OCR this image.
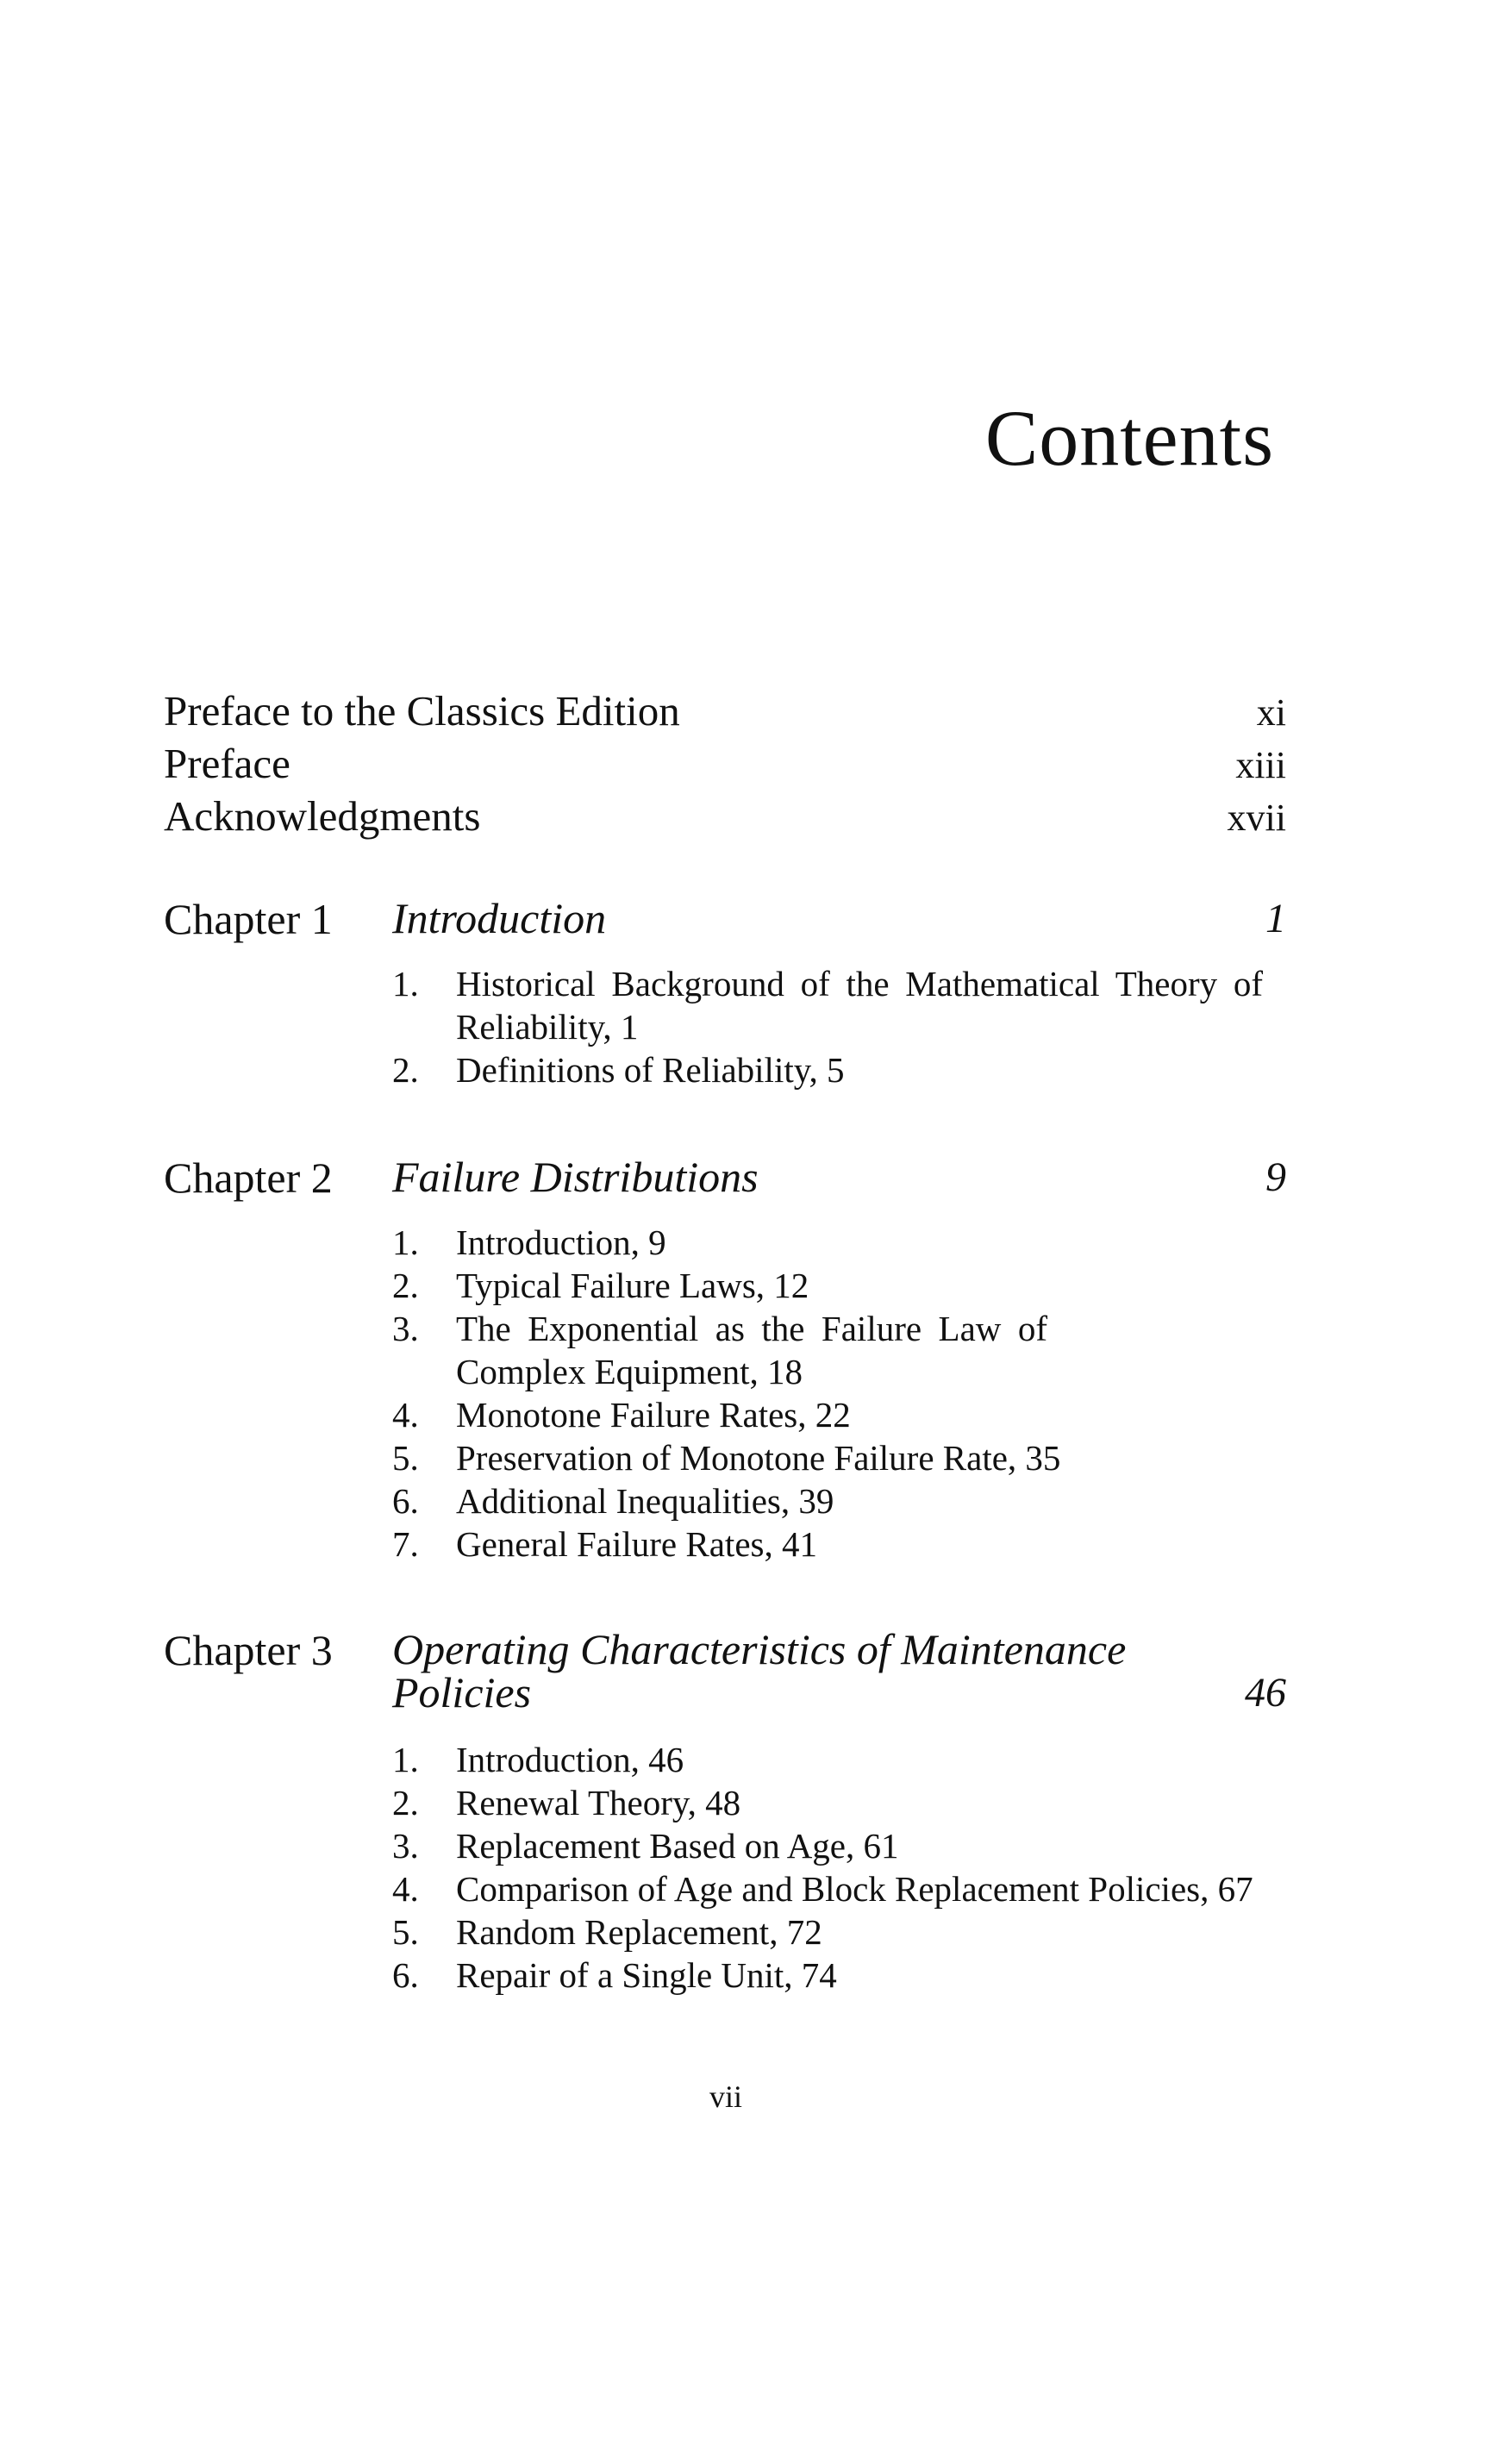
Contents
Preface to the Classics Edition	xi
Preface	xiii
Acknowledgments	xvii
Chapter 1 Introduction	1
1.	Historical Background of the Mathematical Theory of Reliability, 1
2.	Definitions of Reliability, 5
Chapter 2 Failure Distributions	9
1.	Introduction, 9
2.	Typical Failure Laws, 12
3.	The Exponential as the Failure Law of Complex Equipment, 18
4.	Monotone Failure Rates, 22
5.	Preservation of Monotone Failure Rate, 35
6.	Additional Inequalities, 39
7.	General Failure Rates, 41
Chapter 3 Operating Characteristics of Maintenance Policies	46
1.	Introduction, 46
2.	Renewal Theory, 48
3.	Replacement Based on Age, 61
4.	Comparison of Age and Block Replacement Policies, 67
5.	Random Replacement, 72
6.	Repair of a Single Unit, 74
vii
